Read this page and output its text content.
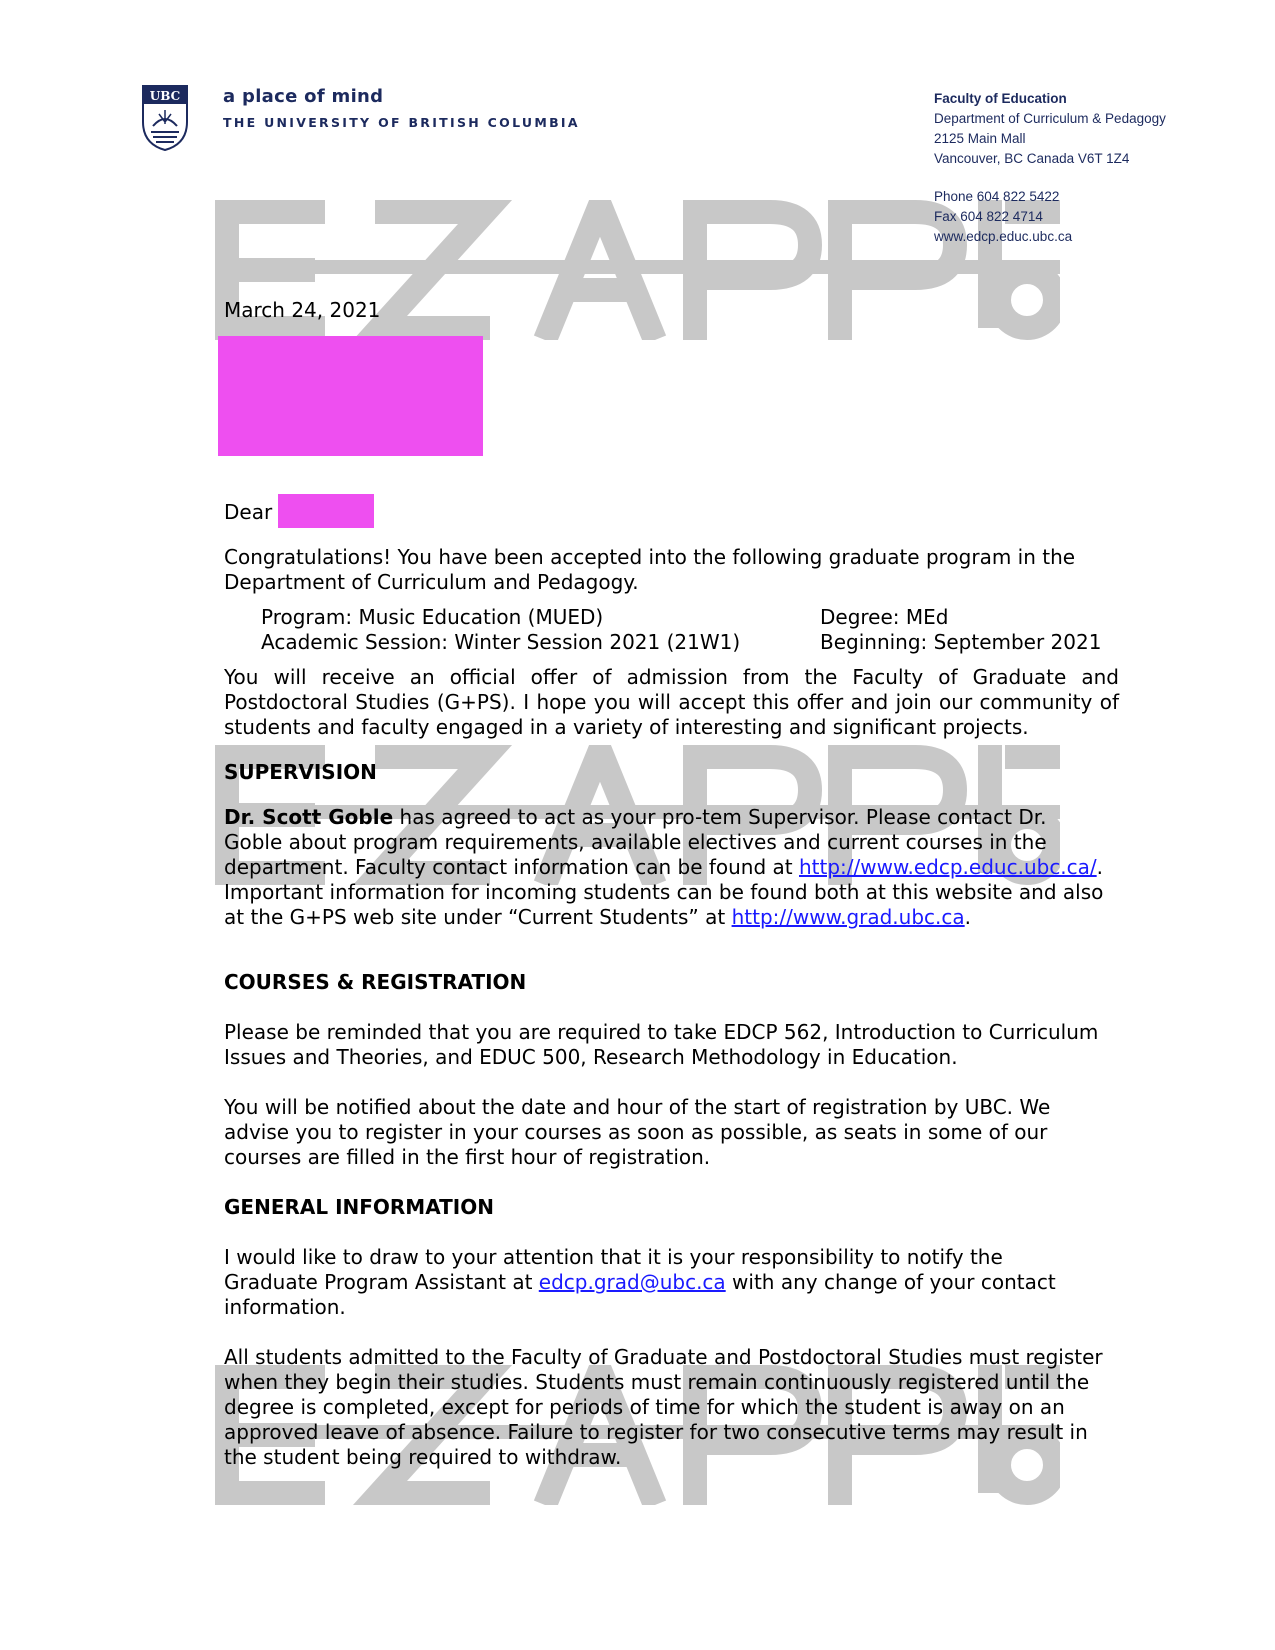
UBC a place of mind
THE UNIVERSITY OF BRITISH COLUMBIA
Faculty of Education
Department of Curriculum & Pedagogy
2125 Main Mall
Vancouver, BC Canada V6T 1Z4
Phone 604 822 5422
Fax 604 822 4714
www.edcp.educ.ubc.ca
March 24, 2021
Dear

Congratulations! You have been accepted into the following graduate program in the Department of Curriculum and Pedagogy.

Program: Music Education (MUED)	Degree: MEd
Academic Session: Winter Session 2021 (21W1)	Beginning: September 2021

You will receive an official offer of admission from the Faculty of Graduate and Postdoctoral Studies (G+PS). I hope you will accept this offer and join our community of students and faculty engaged in a variety of interesting and significant projects.

SUPERVISION

Dr. Scott Goble has agreed to act as your pro-tem Supervisor. Please contact Dr. Goble about program requirements, available electives and current courses in the department. Faculty contact information can be found at http://www.edcp.educ.ubc.ca/. Important information for incoming students can be found both at this website and also at the G+PS web site under “Current Students” at http://www.grad.ubc.ca.

COURSES & REGISTRATION

Please be reminded that you are required to take EDCP 562, Introduction to Curriculum Issues and Theories, and EDUC 500, Research Methodology in Education.

You will be notified about the date and hour of the start of registration by UBC. We advise you to register in your courses as soon as possible, as seats in some of our courses are filled in the first hour of registration.

GENERAL INFORMATION

I would like to draw to your attention that it is your responsibility to notify the Graduate Program Assistant at edcp.grad@ubc.ca with any change of your contact information.

All students admitted to the Faculty of Graduate and Postdoctoral Studies must register when they begin their studies. Students must remain continuously registered until the degree is completed, except for periods of time for which the student is away on an approved leave of absence. Failure to register for two consecutive terms may result in the student being required to withdraw.
